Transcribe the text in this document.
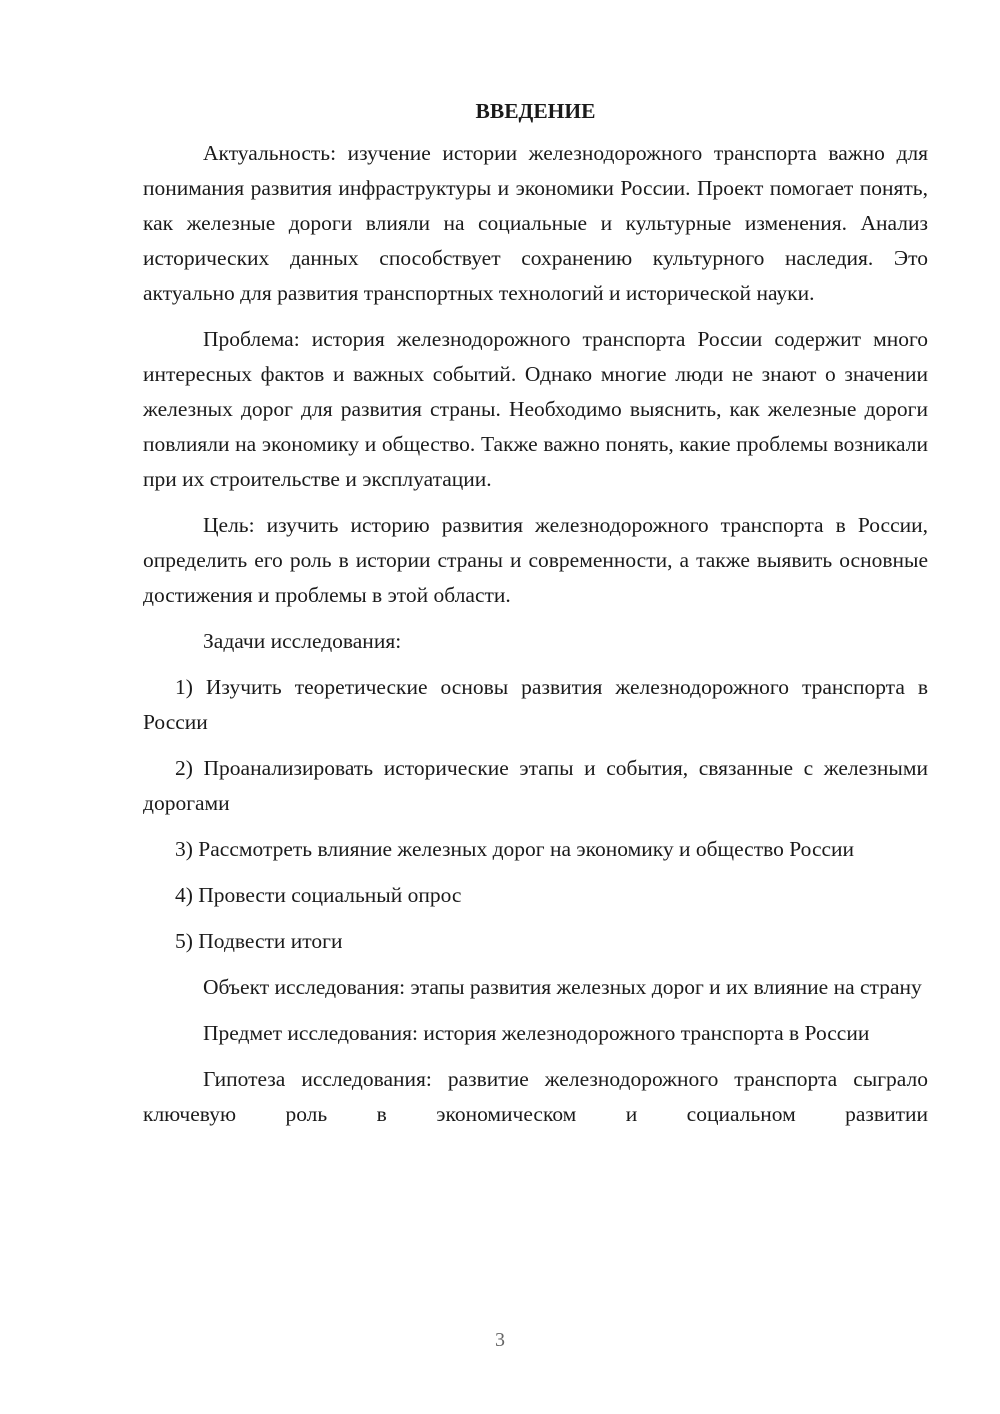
ВВЕДЕНИЕ

Актуальность: изучение истории железнодорожного транспорта важно для понимания развития инфраструктуры и экономики России. Проект помогает понять, как железные дороги влияли на социальные и культурные изменения. Анализ исторических данных способствует сохранению культурного наследия. Это актуально для развития транспортных технологий и исторической науки.

Проблема: история железнодорожного транспорта России содержит много интересных фактов и важных событий. Однако многие люди не знают о значении железных дорог для развития страны. Необходимо выяснить, как железные дороги повлияли на экономику и общество. Также важно понять, какие проблемы возникали при их строительстве и эксплуатации.

Цель: изучить историю развития железнодорожного транспорта в России, определить его роль в истории страны и современности, а также выявить основные достижения и проблемы в этой области.

Задачи исследования:

1) Изучить теоретические основы развития железнодорожного транспорта в России

2) Проанализировать исторические этапы и события, связанные с железными дорогами

3) Рассмотреть влияние железных дорог на экономику и общество России

4) Провести социальный опрос

5) Подвести итоги

Объект исследования: этапы развития железных дорог и их влияние на страну

Предмет исследования: история железнодорожного транспорта в России

Гипотеза исследования: развитие железнодорожного транспорта сыграло ключевую роль в экономическом и социальном развитии

3
